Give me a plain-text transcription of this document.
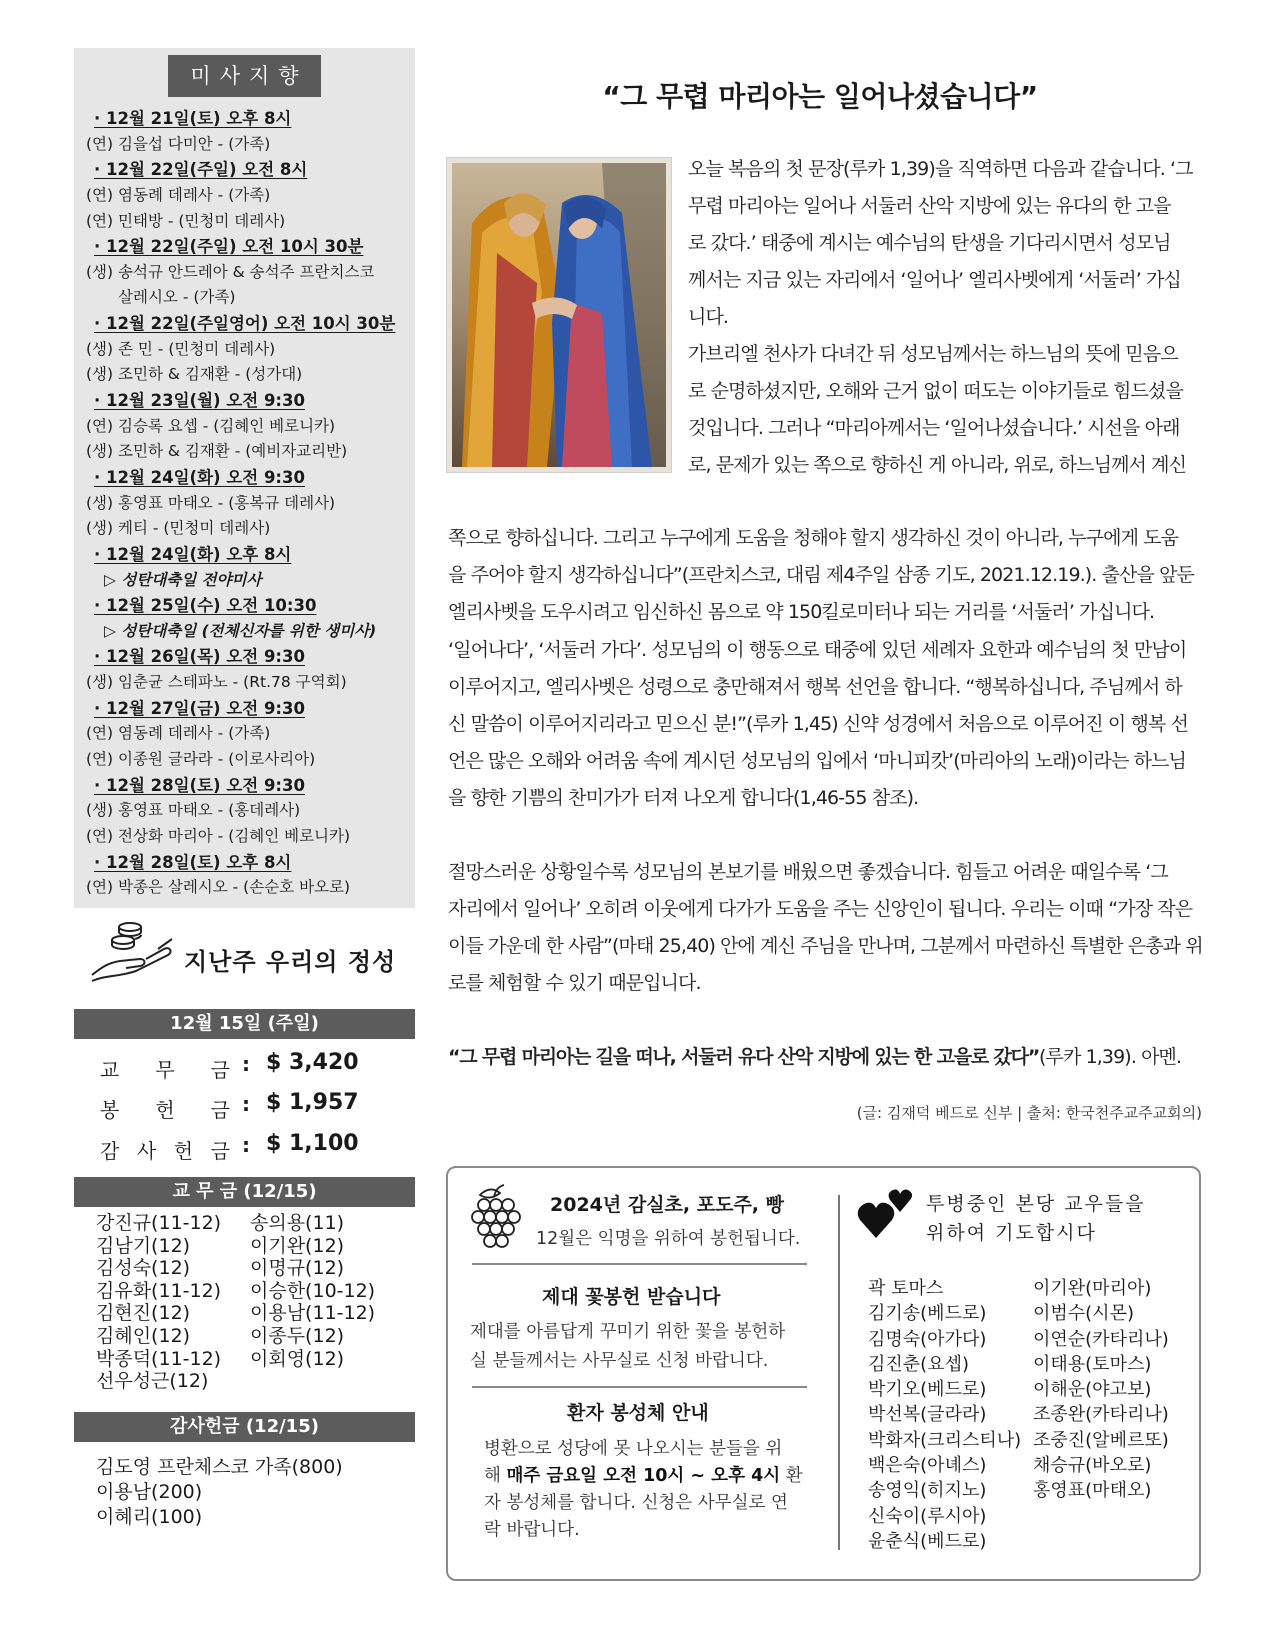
미사지향
· 12월 21일(토) 오후 8시
(연) 김을섭 다미안 - (가족)
· 12월 22일(주일) 오전 8시
(연) 염동례 데레사 - (가족)
(연) 민태방 - (민청미 데레사)
· 12월 22일(주일) 오전 10시 30분
(생) 송석규 안드레아 & 송석주 프란치스코
살레시오 - (가족)
· 12월 22일(주일영어) 오전 10시 30분
(생) 존 민 - (민청미 데레사)
(생) 조민하 & 김재환 - (성가대)
· 12월 23일(월) 오전 9:30
(연) 김승록 요셉 - (김혜인 베로니카)
(생) 조민하 & 김재환 - (예비자교리반)
· 12월 24일(화) 오전 9:30
(생) 홍영표 마태오 - (홍복규 데레사)
(생) 케티 - (민청미 데레사)
· 12월 24일(화) 오후 8시
▷ 성탄대축일 전야미사
· 12월 25일(수) 오전 10:30
▷ 성탄대축일 (전체신자를 위한 생미사)
· 12월 26일(목) 오전 9:30
(생) 임춘균 스테파노 - (Rt.78 구역회)
· 12월 27일(금) 오전 9:30
(연) 염동례 데레사 - (가족)
(연) 이종원 글라라 - (이로사리아)
· 12월 28일(토) 오전 9:30
(생) 홍영표 마태오 - (홍데레사)
(연) 전상화 마리아 - (김혜인 베로니카)
· 12월 28일(토) 오후 8시
(연) 박종은 살레시오 - (손순호 바오로)
지난주 우리의 정성
12월 15일 (주일)
교 무 금 : $ 3,420
봉 헌 금 : $ 1,957
감 사 헌 금 : $ 1,100
교 무 금 (12/15)
강진규(11-12)
김남기(12)
김성숙(12)
김유화(11-12)
김현진(12)
김혜인(12)
박종덕(11-12)
선우성근(12)
송의용(11)
이기완(12)
이명규(12)
이승한(10-12)
이용남(11-12)
이종두(12)
이회영(12)
감사헌금 (12/15)
김도영 프란체스코 가족(800)
이용남(200)
이혜리(100)
“그 무렵 마리아는 일어나셨습니다”
오늘 복음의 첫 문장(루카 1,39)을 직역하면 다음과 같습니다. ‘그
무렵 마리아는 일어나 서둘러 산악 지방에 있는 유다의 한 고을
로 갔다.’ 태중에 계시는 예수님의 탄생을 기다리시면서 성모님
께서는 지금 있는 자리에서 ‘일어나’ 엘리사벳에게 ‘서둘러’ 가십
니다.
가브리엘 천사가 다녀간 뒤 성모님께서는 하느님의 뜻에 믿음으
로 순명하셨지만, 오해와 근거 없이 떠도는 이야기들로 힘드셨을
것입니다. 그러나 “마리아께서는 ‘일어나셨습니다.’ 시선을 아래
로, 문제가 있는 쪽으로 향하신 게 아니라, 위로, 하느님께서 계신
쪽으로 향하십니다. 그리고 누구에게 도움을 청해야 할지 생각하신 것이 아니라, 누구에게 도움
을 주어야 할지 생각하십니다”(프란치스코, 대림 제4주일 삼종 기도, 2021.12.19.). 출산을 앞둔
엘리사벳을 도우시려고 임신하신 몸으로 약 150킬로미터나 되는 거리를 ‘서둘러’ 가십니다.
‘일어나다’, ‘서둘러 가다’. 성모님의 이 행동으로 태중에 있던 세례자 요한과 예수님의 첫 만남이
이루어지고, 엘리사벳은 성령으로 충만해져서 행복 선언을 합니다. “행복하십니다, 주님께서 하
신 말씀이 이루어지리라고 믿으신 분!”(루카 1,45) 신약 성경에서 처음으로 이루어진 이 행복 선
언은 많은 오해와 어려움 속에 계시던 성모님의 입에서 ‘마니피캇’(마리아의 노래)이라는 하느님
을 향한 기쁨의 찬미가가 터져 나오게 합니다(1,46-55 참조).
절망스러운 상황일수록 성모님의 본보기를 배웠으면 좋겠습니다. 힘들고 어려운 때일수록 ‘그
자리에서 일어나’ 오히려 이웃에게 다가가 도움을 주는 신앙인이 됩니다. 우리는 이때 “가장 작은
이들 가운데 한 사람”(마태 25,40) 안에 계신 주님을 만나며, 그분께서 마련하신 특별한 은총과 위
로를 체험할 수 있기 때문입니다.
“그 무렵 마리아는 길을 떠나, 서둘러 유다 산악 지방에 있는 한 고을로 갔다”(루카 1,39). 아멘.
(글: 김재덕 베드로 신부 | 출처: 한국천주교주교회의)
2024년 감실초, 포도주, 빵
12월은 익명을 위하여 봉헌됩니다.
제대 꽃봉헌 받습니다
제대를 아름답게 꾸미기 위한 꽃을 봉헌하
실 분들께서는 사무실로 신청 바랍니다.
환자 봉성체 안내
병환으로 성당에 못 나오시는 분들을 위
해 매주 금요일 오전 10시 ~ 오후 4시 환
자 봉성체를 합니다. 신청은 사무실로 연
락 바랍니다.
투병중인 본당 교우들을
위하여 기도합시다
곽 토마스
김기송(베드로)
김명숙(아가다)
김진춘(요셉)
박기오(베드로)
박선복(글라라)
박화자(크리스티나)
백은숙(아녜스)
송영익(히지노)
신숙이(루시아)
윤춘식(베드로)
이기완(마리아)
이범수(시몬)
이연순(카타리나)
이태용(토마스)
이해운(야고보)
조종완(카타리나)
조중진(알베르또)
채승규(바오로)
홍영표(마태오)
